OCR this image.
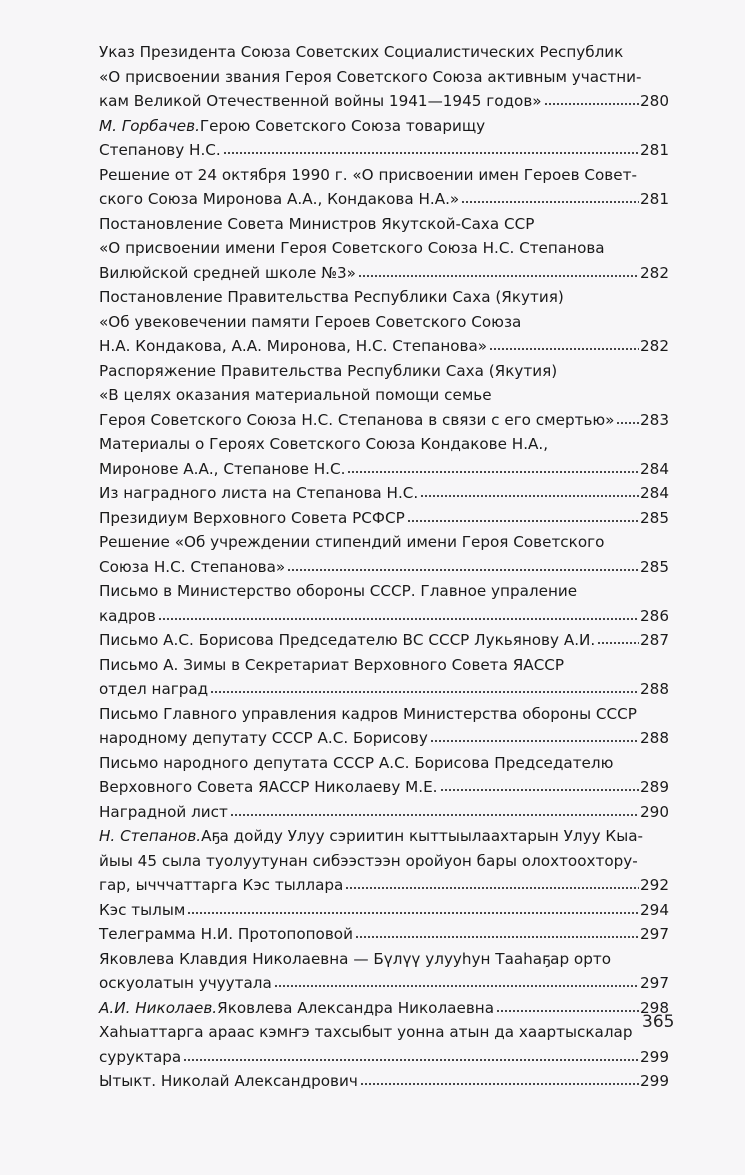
Указ Президента Союза Советских Социалистических Республик
«О присвоении звания Героя Советского Союза активным участни-
кам Великой Отечественной войны 1941—1945 годов»	280
М. Горбачев. Герою Советского Союза товарищу
Степанову Н.С.	281
Решение от 24 октября 1990 г. «О присвоении имен Героев Совет-
ского Союза Миронова А.А., Кондакова Н.А.»	281
Постановление Совета Министров Якутской-Саха ССР
«О присвоении имени Героя Советского Союза Н.С. Степанова
Вилюйской средней школе №3»	282
Постановление Правительства Республики Саха (Якутия)
«Об увековечении памяти Героев Советского Союза
Н.А. Кондакова, А.А. Миронова, Н.С. Степанова»	282
Распоряжение Правительства Республики Саха (Якутия)
«В целях оказания материальной помощи семье
Героя Советского Союза Н.С. Степанова в связи с его смертью» 283
Материалы о Героях Советского Союза Кондакове Н.А.,
Миронове А.А., Степанове Н.С.	284
Из наградного листа на Степанова Н.С.	284
Президиум Верховного Совета РСФСР	285
Решение «Об учреждении стипендий имени Героя Советского
Союза Н.С. Степанова»	285
Письмо в Министерство обороны СССР. Главное упраление
кадров	286
Письмо А.С. Борисова Председателю ВС СССР Лукьянову А.И.	287
Письмо А. Зимы в Секретариат Верховного Совета ЯАССР
отдел наград	288
Письмо Главного управления кадров Министерства обороны СССР
народному депутату СССР А.С. Борисову	288
Письмо народного депутата СССР А.С. Борисова Председателю
Верховного Совета ЯАССР Николаеву М.Е.	289
Наградной лист	290
Н. Степанов. Аҕа дойду Улуу сэриитин кыттыылаахтарын Улуу Кыа-
йыы 45 сыла туолуутунан сибээстээн оройуон бары олохтоохтору-
гар, ычччаттарга Кэс тыллара	292
Кэс тылым	294
Телеграмма Н.И. Протопоповой	297
Яковлева Клавдия Николаевна — Бүлүү улууһун Тааһаҕар орто
оскуолатын учуутала	297
А.И. Николаев. Яковлева Александра Николаевна	298
Хаһыаттарга араас кэмҥэ тахсыбыт уонна атын да хаартыскалар
суруктара	299
Ытыкт. Николай Александрович	299
365
